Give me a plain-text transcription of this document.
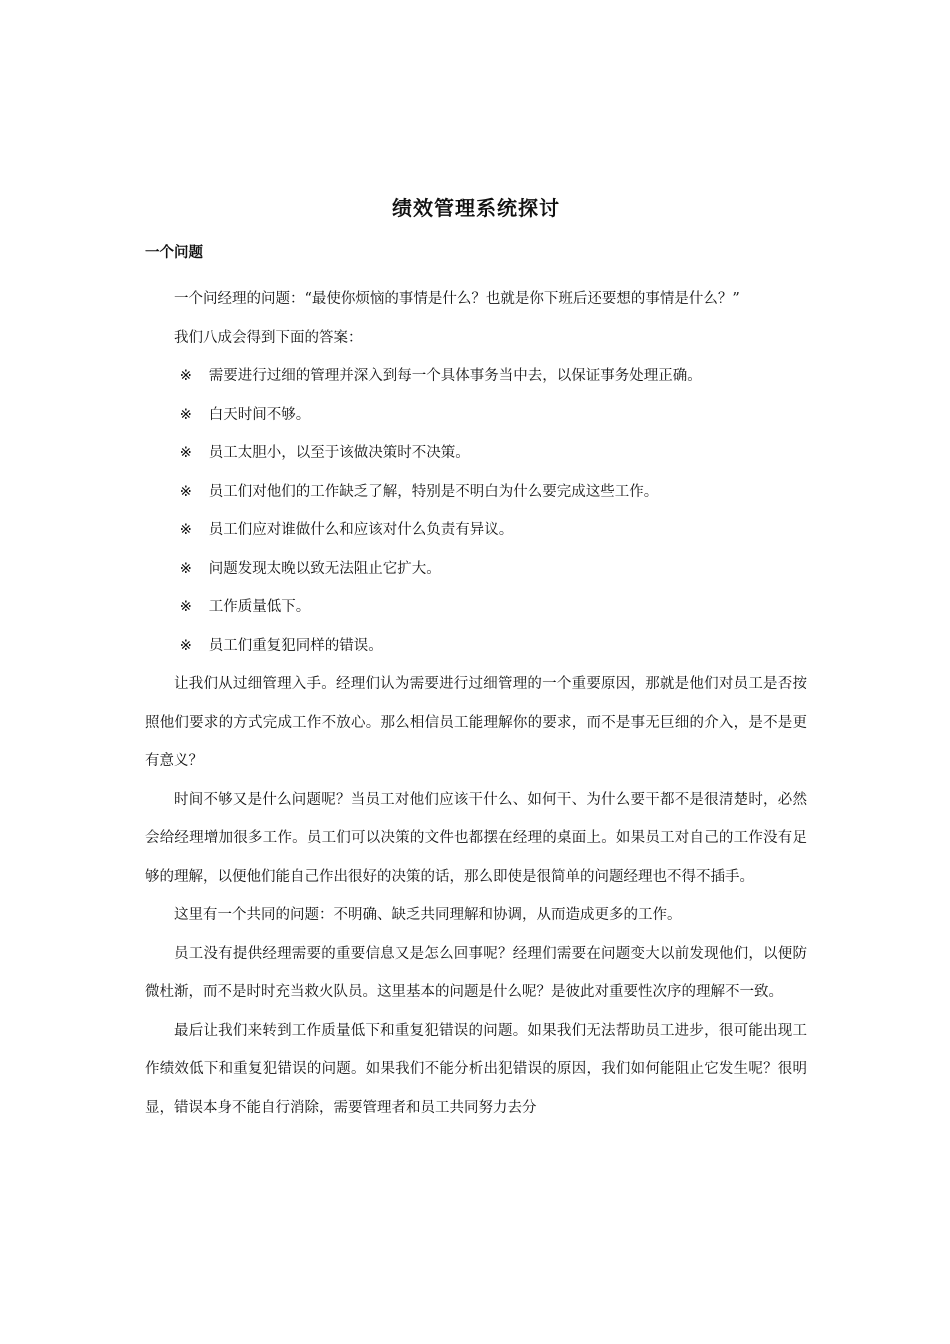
绩效管理系统探讨
一个问题

一个问经理的问题：“最使你烦恼的事情是什么？也就是你下班后还要想的事情是什么？”

我们八成会得到下面的答案：

※ 需要进行过细的管理并深入到每一个具体事务当中去，以保证事务处理正确。
※ 白天时间不够。
※ 员工太胆小，以至于该做决策时不决策。
※ 员工们对他们的工作缺乏了解，特别是不明白为什么要完成这些工作。
※ 员工们应对谁做什么和应该对什么负责有异议。
※ 问题发现太晚以致无法阻止它扩大。
※ 工作质量低下。
※ 员工们重复犯同样的错误。

让我们从过细管理入手。经理们认为需要进行过细管理的一个重要原因，那就是他们对员工是否按照他们要求的方式完成工作不放心。那么相信员工能理解你的要求，而不是事无巨细的介入，是不是更有意义？

时间不够又是什么问题呢？当员工对他们应该干什么、如何干、为什么要干都不是很清楚时，必然会给经理增加很多工作。员工们可以决策的文件也都摆在经理的桌面上。如果员工对自己的工作没有足够的理解，以便他们能自己作出很好的决策的话，那么即使是很简单的问题经理也不得不插手。

这里有一个共同的问题：不明确、缺乏共同理解和协调，从而造成更多的工作。

员工没有提供经理需要的重要信息又是怎么回事呢？经理们需要在问题变大以前发现他们，以便防微杜渐，而不是时时充当救火队员。这里基本的问题是什么呢？是彼此对重要性次序的理解不一致。

最后让我们来转到工作质量低下和重复犯错误的问题。如果我们无法帮助员工进步，很可能出现工作绩效低下和重复犯错误的问题。如果我们不能分析出犯错误的原因，我们如何能阻止它发生呢？很明显，错误本身不能自行消除，需要管理者和员工共同努力去分
